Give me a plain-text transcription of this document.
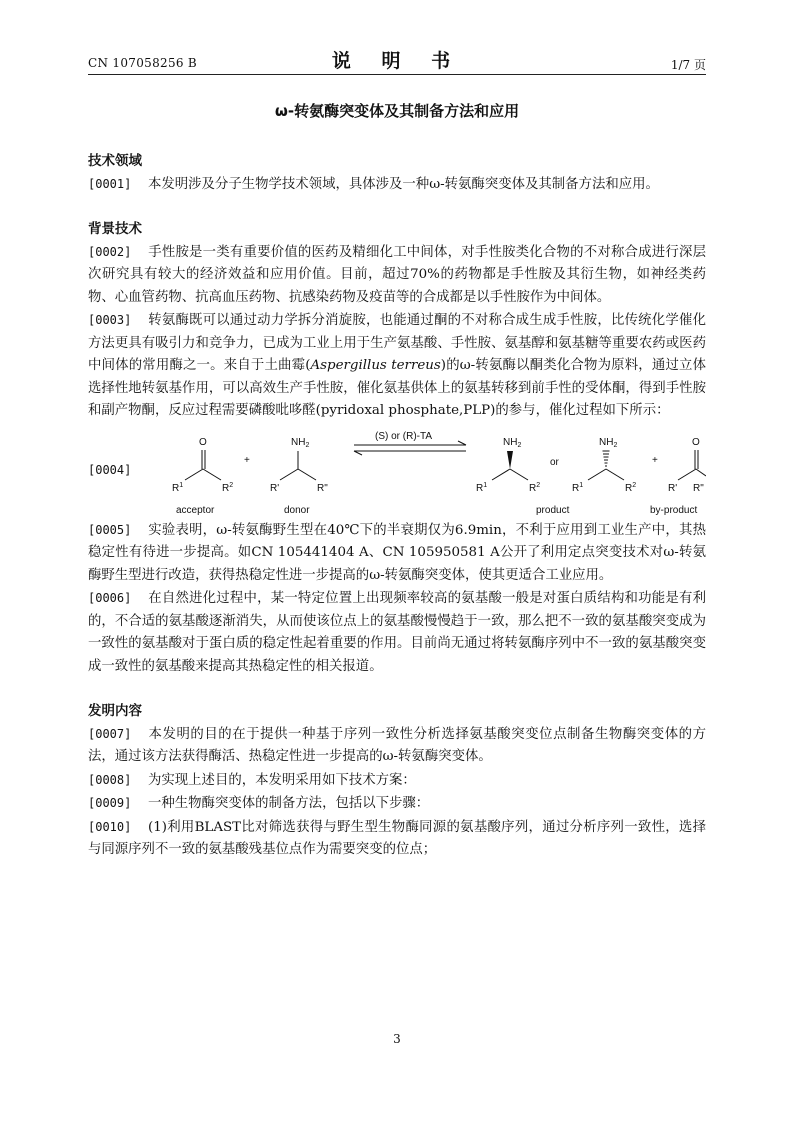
CN 107058256 B	说 明 书	1/7 页
ω-转氨酶突变体及其制备方法和应用

技术领域

[0001] 本发明涉及分子生物学技术领域，具体涉及一种ω-转氨酶突变体及其制备方法和应用。

背景技术

[0002] 手性胺是一类有重要价值的医药及精细化工中间体，对手性胺类化合物的不对称合成进行深层次研究具有较大的经济效益和应用价值。目前，超过70%的药物都是手性胺及其衍生物，如神经类药物、心血管药物、抗高血压药物、抗感染药物及疫苗等的合成都是以手性胺作为中间体。

[0003] 转氨酶既可以通过动力学拆分消旋胺，也能通过酮的不对称合成生成手性胺，比传统化学催化方法更具有吸引力和竞争力，已成为工业上用于生产氨基酸、手性胺、氨基醇和氨基糖等重要农药或医药中间体的常用酶之一。来自于土曲霉(Aspergillus terreus)的ω-转氨酶以酮类化合物为原料，通过立体选择性地转氨基作用，可以高效生产手性胺，催化氨基供体上的氨基转移到前手性的受体酮，得到手性胺和副产物酮，反应过程需要磷酸吡哆醛(pyridoxal phosphate,PLP)的参与，催化过程如下所示：

[0004]
O
$R^1$	$R^2$
+
$NH_2$
R'	R"
(S) or (R)-TA
$NH_2$
$R^1$	$R^2$
or
$NH_2$
$R^1$	$R^2$
+
O
R' R"
acceptor	donor	product	by-product

[0005] 实验表明，ω-转氨酶野生型在40℃下的半衰期仅为6.9min，不利于应用到工业生产中，其热稳定性有待进一步提高。如CN 105441404 A、CN 105950581 A公开了利用定点突变技术对ω-转氨酶野生型进行改造，获得热稳定性进一步提高的ω-转氨酶突变体，使其更适合工业应用。

[0006] 在自然进化过程中，某一特定位置上出现频率较高的氨基酸一般是对蛋白质结构和功能是有利的，不合适的氨基酸逐渐消失，从而使该位点上的氨基酸慢慢趋于一致，那么把不一致的氨基酸突变成为一致性的氨基酸对于蛋白质的稳定性起着重要的作用。目前尚无通过将转氨酶序列中不一致的氨基酸突变成一致性的氨基酸来提高其热稳定性的相关报道。

发明内容

[0007] 本发明的目的在于提供一种基于序列一致性分析选择氨基酸突变位点制备生物酶突变体的方法，通过该方法获得酶活、热稳定性进一步提高的ω-转氨酶突变体。

[0008] 为实现上述目的，本发明采用如下技术方案：

[0009] 一种生物酶突变体的制备方法，包括以下步骤：

[0010] (1)利用BLAST比对筛选获得与野生型生物酶同源的氨基酸序列，通过分析序列一致性，选择与同源序列不一致的氨基酸残基位点作为需要突变的位点；

3
